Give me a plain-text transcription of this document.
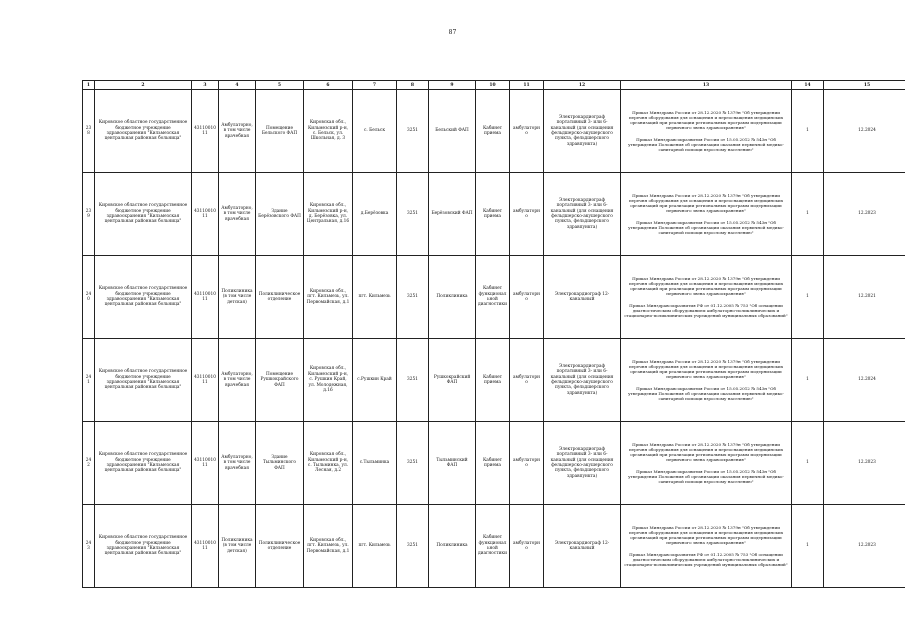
87
1	2	3	4	5	6	7	8	9	10	11	12	13	14	15
238	Кировское областное государственное бюджетное учреждение здравоохранения "Кильмезская центральная районная больница"	4311001011	Амбулаторно, в том числе врачебная	Помещение Бельского ФАП	Кировская обл., Кильмезский р-н, с. Бельск, ул. Школьная, д. 3	с. Бельск	3251	Бельский ФАП	Кабинет приема	амбулаторно	Электрокардиограф портативный 3- или 6-канальный (для оснащения фельдшерско-акушерского пункта, фельдшерского здравпункта)	Приказ Минздрава России от 28.12.2020 № 1379н "Об утверждении перечня оборудования для оснащения и переоснащения медицинских организаций при реализации региональных программ модернизации первичного звена здравоохранения"
Приказ Минздравсоцразвития России от 15.05.2012 № 543н "Об утверждении Положения об организации оказания первичной медико-санитарной помощи взрослому населению"	1	12.2024
239	Кировское областное государственное бюджетное учреждение здравоохранения "Кильмезская центральная районная больница"	4311001011	Амбулаторно, в том числе врачебная	Здание Берёзовского ФАП	Кировская обл., Кильмезский р-н, д. Берёзовка, ул. Центральная, д.16	д.Берёзовка	3251	Берёзовский ФАП	Кабинет приема	амбулаторно	Электрокардиограф портативный 3- или 6-канальный (для оснащения фельдшерско-акушерского пункта, фельдшерского здравпункта)	Приказ Минздрава России от 28.12.2020 № 1379н "Об утверждении перечня оборудования для оснащения и переоснащения медицинских организаций при реализации региональных программ модернизации первичного звена здравоохранения"
Приказ Минздравсоцразвития России от 15.05.2012 № 543н "Об утверждении Положения об организации оказания первичной медико-санитарной помощи взрослому населению"	1	12.2023
240	Кировское областное государственное бюджетное учреждение здравоохранения "Кильмезская центральная районная больница"	4311001011	Поликлиника (в том числе детская)	Поликлиническое отделение	Кировская обл., пгт. Кильмезь, ул. Первомайская, д.1	пгт. Кильмезь	3251	Поликлиника	Кабинет функциональной диагностики	амбулаторно	Электрокардиограф 12-канальный	Приказ Минздрава России от 28.12.2020 № 1379н "Об утверждении перечня оборудования для оснащения и переоснащения медицинских организаций при реализации региональных программ модернизации первичного звена здравоохранения"
Приказ Минздравсоцразвития РФ от 01.12.2005 № 753 "Об оснащении диагностическим оборудованием амбулаторно-поликлинических и стационарно-поликлинических учреждений муниципальных образований"	1	12.2021
241	Кировское областное государственное бюджетное учреждение здравоохранения "Кильмезская центральная районная больница"	4311001011	Амбулаторно, в том числе врачебная	Помещение Рушкокрайского ФАП	Кировская обл., Кильмезский р-н, с. Рушкин Край, ул. Молодежная, д.16	с.Рушкин Край	3251	Рушкокрайский ФАП	Кабинет приема	амбулаторно	Электрокардиограф портативный 3- или 6-канальный (для оснащения фельдшерско-акушерского пункта, фельдшерского здравпункта)	Приказ Минздрава России от 28.12.2020 № 1379н "Об утверждении перечня оборудования для оснащения и переоснащения медицинских организаций при реализации региональных программ модернизации первичного звена здравоохранения"
Приказ Минздравсоцразвития России от 15.05.2012 № 543н "Об утверждении Положения об организации оказания первичной медико-санитарной помощи взрослому населению"	1	12.2024
242	Кировское областное государственное бюджетное учреждение здравоохранения "Кильмезская центральная районная больница"	4311001011	Амбулаторно, в том числе врачебная	Здание Тыльминского ФАП	Кировская обл., Кильмезский р-н, с. Тыльминка, ул. Лесная, д.2	с.Тыльминка	3251	Тыльминский ФАП	Кабинет приема	амбулаторно	Электрокардиограф портативный 3- или 6-канальный (для оснащения фельдшерско-акушерского пункта, фельдшерского здравпункта)	Приказ Минздрава России от 28.12.2020 № 1379н "Об утверждении перечня оборудования для оснащения и переоснащения медицинских организаций при реализации региональных программ модернизации первичного звена здравоохранения"
Приказ Минздравсоцразвития России от 15.05.2012 № 543н "Об утверждении Положения об организации оказания первичной медико-санитарной помощи взрослому населению"	1	12.2023
243	Кировское областное государственное бюджетное учреждение здравоохранения "Кильмезская центральная районная больница"	4311001011	Поликлиника (в том числе детская)	Поликлиническое отделение	Кировская обл., пгт. Кильмезь, ул. Первомайская, д.1	пгт. Кильмезь	3251	Поликлиника	Кабинет функциональной диагностики	амбулаторно	Электрокардиограф 12-канальный	Приказ Минздрава России от 28.12.2020 № 1379н "Об утверждении перечня оборудования для оснащения и переоснащения медицинских организаций при реализации региональных программ модернизации первичного звена здравоохранения"
Приказ Минздравсоцразвития РФ от 01.12.2005 № 753 "Об оснащении диагностическим оборудованием амбулаторно-поликлинических и стационарно-поликлинических учреждений муниципальных образований"	1	12.2023
